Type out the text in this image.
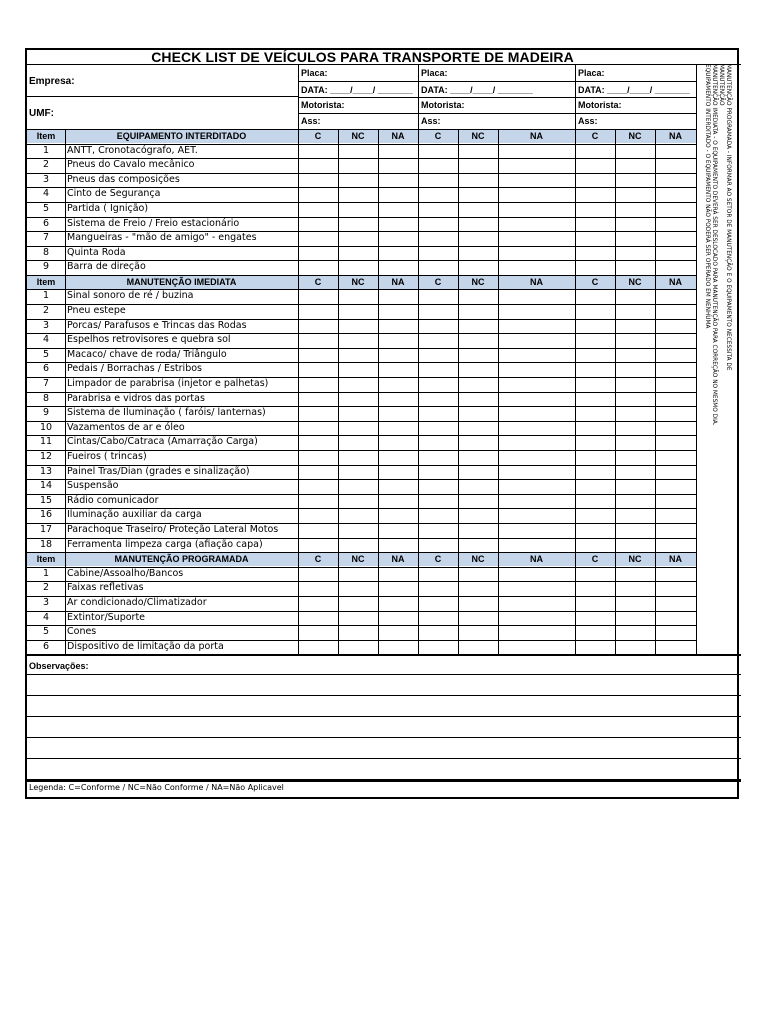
CHECK LIST DE VEÍCULOS PARA TRANSPORTE DE MADEIRA
Empresa:
UMF:
Placa:
DATA: ____/____/ _______
Motorista:
Ass:
Placa:
DATA: ____/____/ _______
Motorista:
Ass:
Placa:
DATA: ____/____/ _______
Motorista:
Ass:
Item	EQUIPAMENTO INTERDITADO	C	NC	NA	C	NC	NA	C	NC	NA
1	ANTT, Cronotacógrafo, AET.
2	Pneus do Cavalo mecânico
3	Pneus das composições
4	Cinto de Segurança
5	Partida ( Ignição)
6	Sistema de Freio / Freio estacionário
7	Mangueiras - "mão de amigo" - engates
8	Quinta Roda
9	Barra de direção
Item	MANUTENÇÃO IMEDIATA	C	NC	NA	C	NC	NA	C	NC	NA
1	Sinal sonoro de ré / buzina
2	Pneu estepe
3	Porcas/ Parafusos e Trincas das Rodas
4	Espelhos retrovisores e quebra sol
5	Macaco/ chave de roda/ Triângulo
6	Pedais / Borrachas / Estribos
7	Limpador de parabrisa (injetor e palhetas)
8	Parabrisa e vidros das portas
9	Sistema de Iluminação ( faróis/ lanternas)
10	Vazamentos de ar e óleo
11	Cintas/Cabo/Catraca (Amarração Carga)
12	Fueiros ( trincas)
13	Painel Tras/Dian (grades e sinalização)
14	Suspensão
15	Rádio comunicador
16	Iluminação auxiliar da carga
17	Parachoque Traseiro/ Proteção Lateral Motos
18	Ferramenta limpeza carga (afiação capa)
Item	MANUTENÇÃO PROGRAMADA	C	NC	NA	C	NC	NA	C	NC	NA
1	Cabine/Assoalho/Bancos
2	Faixas refletivas
3	Ar condicionado/Climatizador
4	Extintor/Suporte
5	Cones
6	Dispositivo de limitação da porta
MANUTENÇÃO PROGRAMADA - INFORMAR AO SETOR DE MANUTENÇÃO E O EQUIPAMENTO NECESSITA DE
MANUTENÇÃO
MANUTENÇÃO IMEDIATA - O EQUIPAMENTO DEVERÁ SER DESLOCADO PARA MANUTENÇÃO PARA CORREÇÃO NO MESMO DIA.
EQUIPAMENTO INTERDITADO - O EQUIPAMENTO NÃO PODERÁ SER OPERADO EM NENHUMA
Observações:
Legenda: C=Conforme / NC=Não Conforme / NA=Não Aplicavel
